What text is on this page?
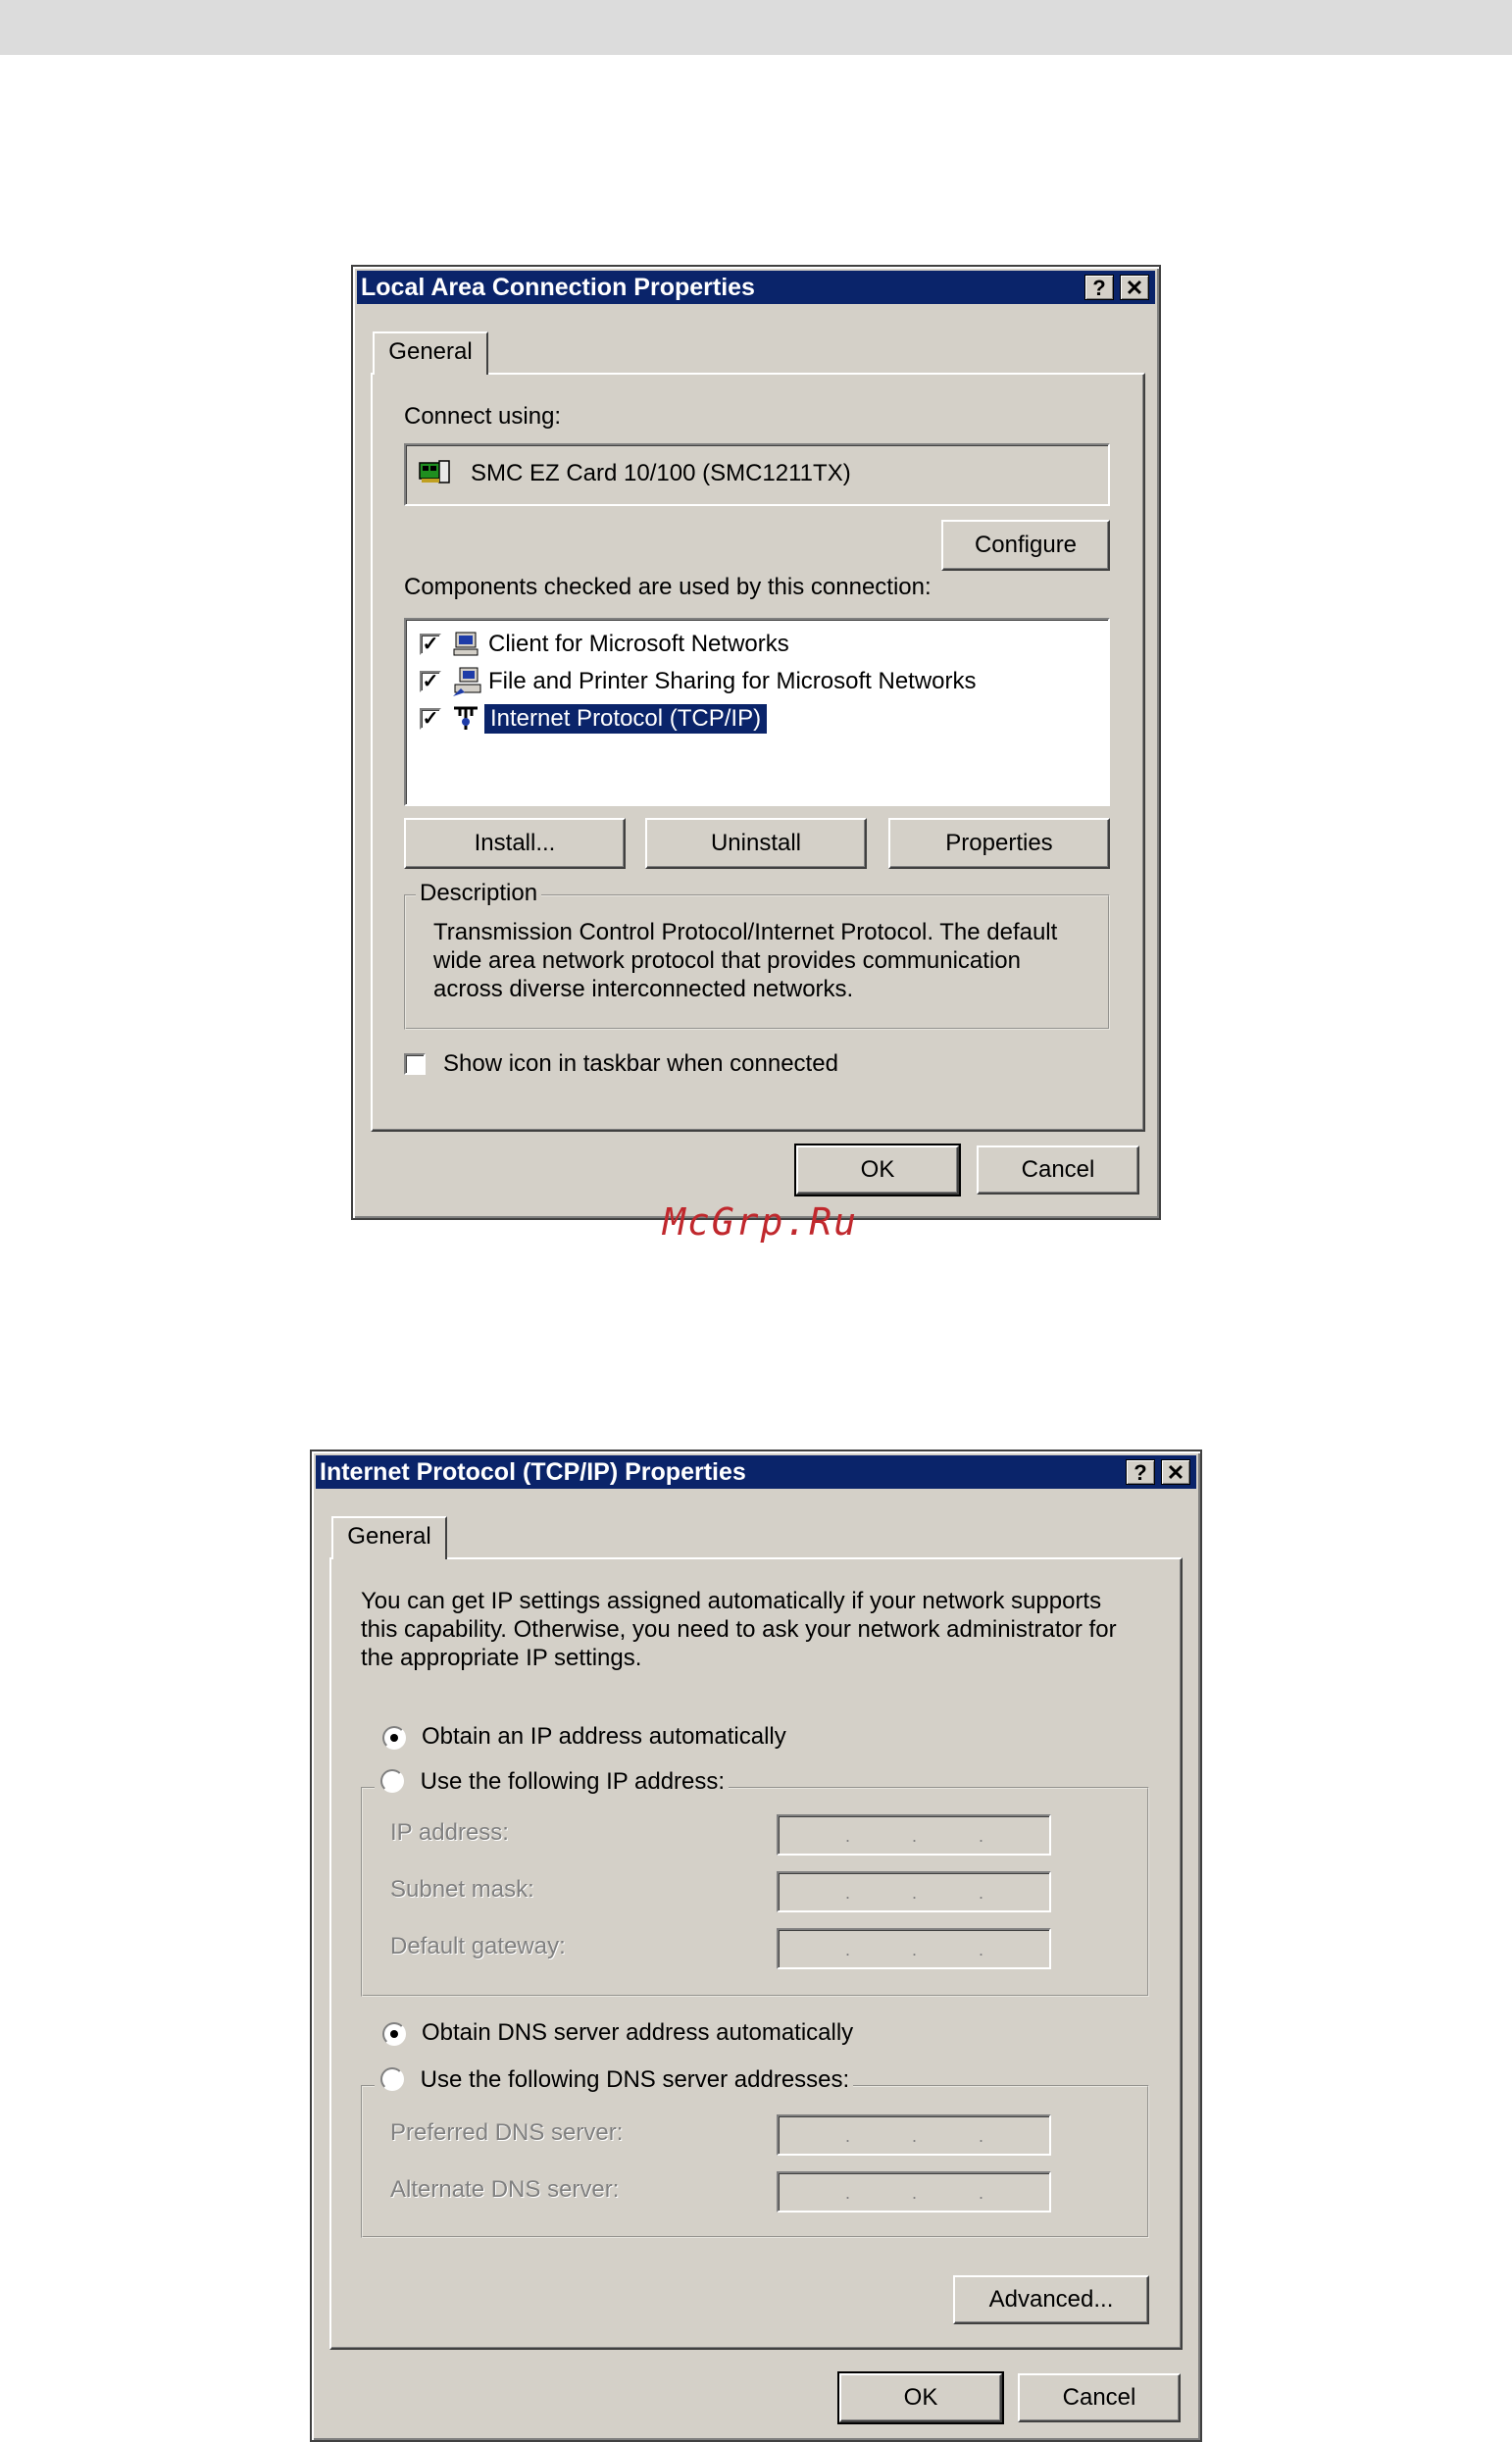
Local Area Connection Properties	? ✕
General
Connect using:
SMC EZ Card 10/100 (SMC1211TX)
Configure
Components checked are used by this connection:
✓ Client for Microsoft Networks
✓ File and Printer Sharing for Microsoft Networks
✓ Internet Protocol (TCP/IP)
Install...	Uninstall	Properties
Description
Transmission Control Protocol/Internet Protocol. The default wide area network protocol that provides communication across diverse interconnected networks.
Show icon in taskbar when connected
OK	Cancel
McGrp.Ru
Internet Protocol (TCP/IP) Properties	? ✕
General
You can get IP settings assigned automatically if your network supports this capability. Otherwise, you need to ask your network administrator for the appropriate IP settings.
Obtain an IP address automatically
Use the following IP address:
IP address:	.	.	.
Subnet mask:	.	.	.
Default gateway:	.	.	.
Obtain DNS server address automatically
Use the following DNS server addresses:
Preferred DNS server:	.	.	.
Alternate DNS server:	.	.	.
Advanced...
OK	Cancel
